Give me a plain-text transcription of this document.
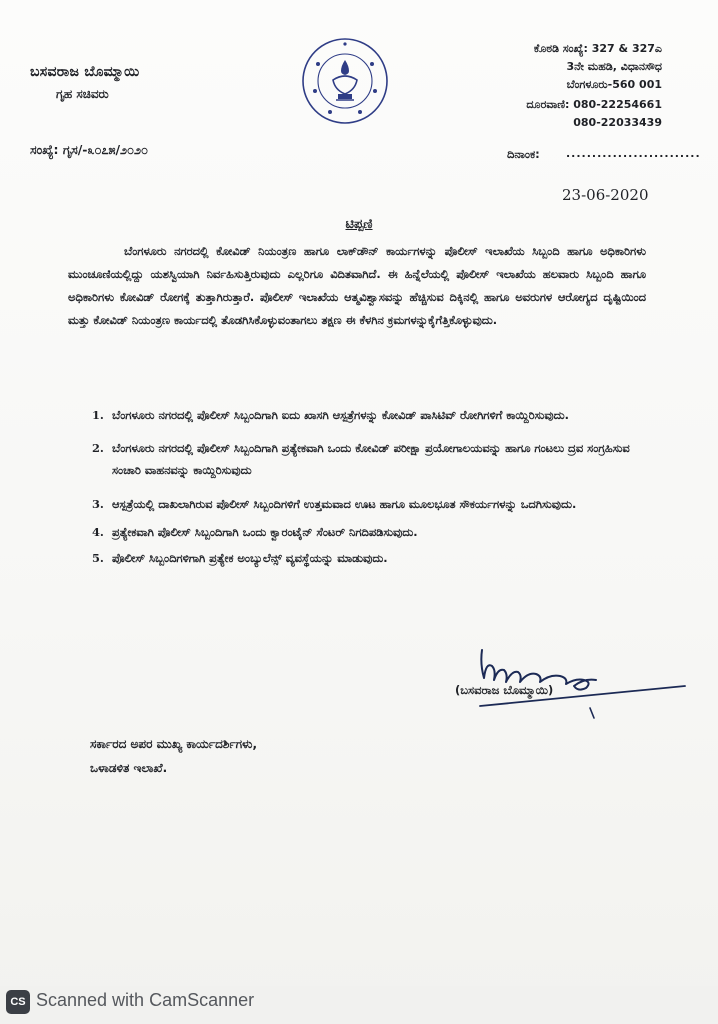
ಬಸವರಾಜ ಬೊಮ್ಮಾಯಿ
ಗೃಹ ಸಚಿವರು
ಸಂಖ್ಯೆ: ಗೃಸ/-೩೦೭೫/೨೦೨೦
ಕೊಠಡಿ ಸಂಖ್ಯೆ: 327 & 327ಎ
3ನೇ ಮಹಡಿ, ವಿಧಾನಸೌಧ
ಬೆಂಗಳೂರು-560 001
ದೂರವಾಣಿ: 080-22254661
080-22033439
ದಿನಾಂಕ: ..........................
23-06-2020
ಟಿಪ್ಪಣಿ
ಬೆಂಗಳೂರು ನಗರದಲ್ಲಿ ಕೋವಿಡ್ ನಿಯಂತ್ರಣ ಹಾಗೂ ಲಾಕ್‌ಡೌನ್ ಕಾರ್ಯಗಳನ್ನು ಪೊಲೀಸ್ ಇಲಾಖೆಯ ಸಿಬ್ಬಂದಿ ಹಾಗೂ ಅಧಿಕಾರಿಗಳು ಮುಂಚೂಣಿಯಲ್ಲಿದ್ದು ಯಶಸ್ವಿಯಾಗಿ ನಿರ್ವಹಿಸುತ್ತಿರುವುದು ಎಲ್ಲರಿಗೂ ವಿದಿತವಾಗಿದೆ. ಈ ಹಿನ್ನೆಲೆಯಲ್ಲಿ ಪೊಲೀಸ್ ಇಲಾಖೆಯ ಹಲವಾರು ಸಿಬ್ಬಂದಿ ಹಾಗೂ ಅಧಿಕಾರಿಗಳು ಕೋವಿಡ್ ರೋಗಕ್ಕೆ ತುತ್ತಾಗಿರುತ್ತಾರೆ. ಪೊಲೀಸ್ ಇಲಾಖೆಯ ಆತ್ಮವಿಶ್ವಾಸವನ್ನು ಹೆಚ್ಚಿಸುವ ದಿಕ್ಕಿನಲ್ಲಿ ಹಾಗೂ ಅವರುಗಳ ಆರೋಗ್ಯದ ದೃಷ್ಟಿಯಿಂದ ಮತ್ತು ಕೋವಿಡ್ ನಿಯಂತ್ರಣ ಕಾರ್ಯದಲ್ಲಿ ತೊಡಗಿಸಿಕೊಳ್ಳುವಂತಾಗಲು ತಕ್ಷಣ ಈ ಕೆಳಗಿನ ಕ್ರಮಗಳನ್ನುಕೈಗೆತ್ತಿಕೊಳ್ಳುವುದು.
1. ಬೆಂಗಳೂರು ನಗರದಲ್ಲಿ ಪೊಲೀಸ್ ಸಿಬ್ಬಂದಿಗಾಗಿ ಐದು ಖಾಸಗಿ ಆಸ್ಪತ್ರೆಗಳನ್ನು ಕೋವಿಡ್ ಪಾಸಿಟಿವ್ ರೋಗಿಗಳಿಗೆ ಕಾಯ್ದಿರಿಸುವುದು.
2. ಬೆಂಗಳೂರು ನಗರದಲ್ಲಿ ಪೊಲೀಸ್ ಸಿಬ್ಬಂದಿಗಾಗಿ ಪ್ರತ್ಯೇಕವಾಗಿ ಒಂದು ಕೋವಿಡ್ ಪರೀಕ್ಷಾ ಪ್ರಯೋಗಾಲಯವನ್ನು ಹಾಗೂ ಗಂಟಲು ದ್ರವ ಸಂಗ್ರಹಿಸುವ ಸಂಚಾರಿ ವಾಹನವನ್ನು ಕಾಯ್ದಿರಿಸುವುದು
3. ಆಸ್ಪತ್ರೆಯಲ್ಲಿ ದಾಖಲಾಗಿರುವ ಪೊಲೀಸ್ ಸಿಬ್ಬಂದಿಗಳಿಗೆ ಉತ್ತಮವಾದ ಊಟ ಹಾಗೂ ಮೂಲಭೂತ ಸೌಕರ್ಯಗಳನ್ನು ಒದಗಿಸುವುದು.
4. ಪ್ರತ್ಯೇಕವಾಗಿ ಪೊಲೀಸ್ ಸಿಬ್ಬಂದಿಗಾಗಿ ಒಂದು ಕ್ವಾರಂಟೈನ್ ಸೆಂಟರ್ ನಿಗದಿಪಡಿಸುವುದು.
5. ಪೊಲೀಸ್ ಸಿಬ್ಬಂದಿಗಳಿಗಾಗಿ ಪ್ರತ್ಯೇಕ ಅಂಬ್ಯುಲೆನ್ಸ್ ವ್ಯವಸ್ಥೆಯನ್ನು ಮಾಡುವುದು.
(ಬಸವರಾಜ ಬೊಮ್ಮಾಯಿ)
ಸರ್ಕಾರದ ಅಪರ ಮುಖ್ಯ ಕಾರ್ಯದರ್ಶಿಗಳು,
ಒಳಾಡಳಿತ ಇಲಾಖೆ.
CS Scanned with CamScanner
